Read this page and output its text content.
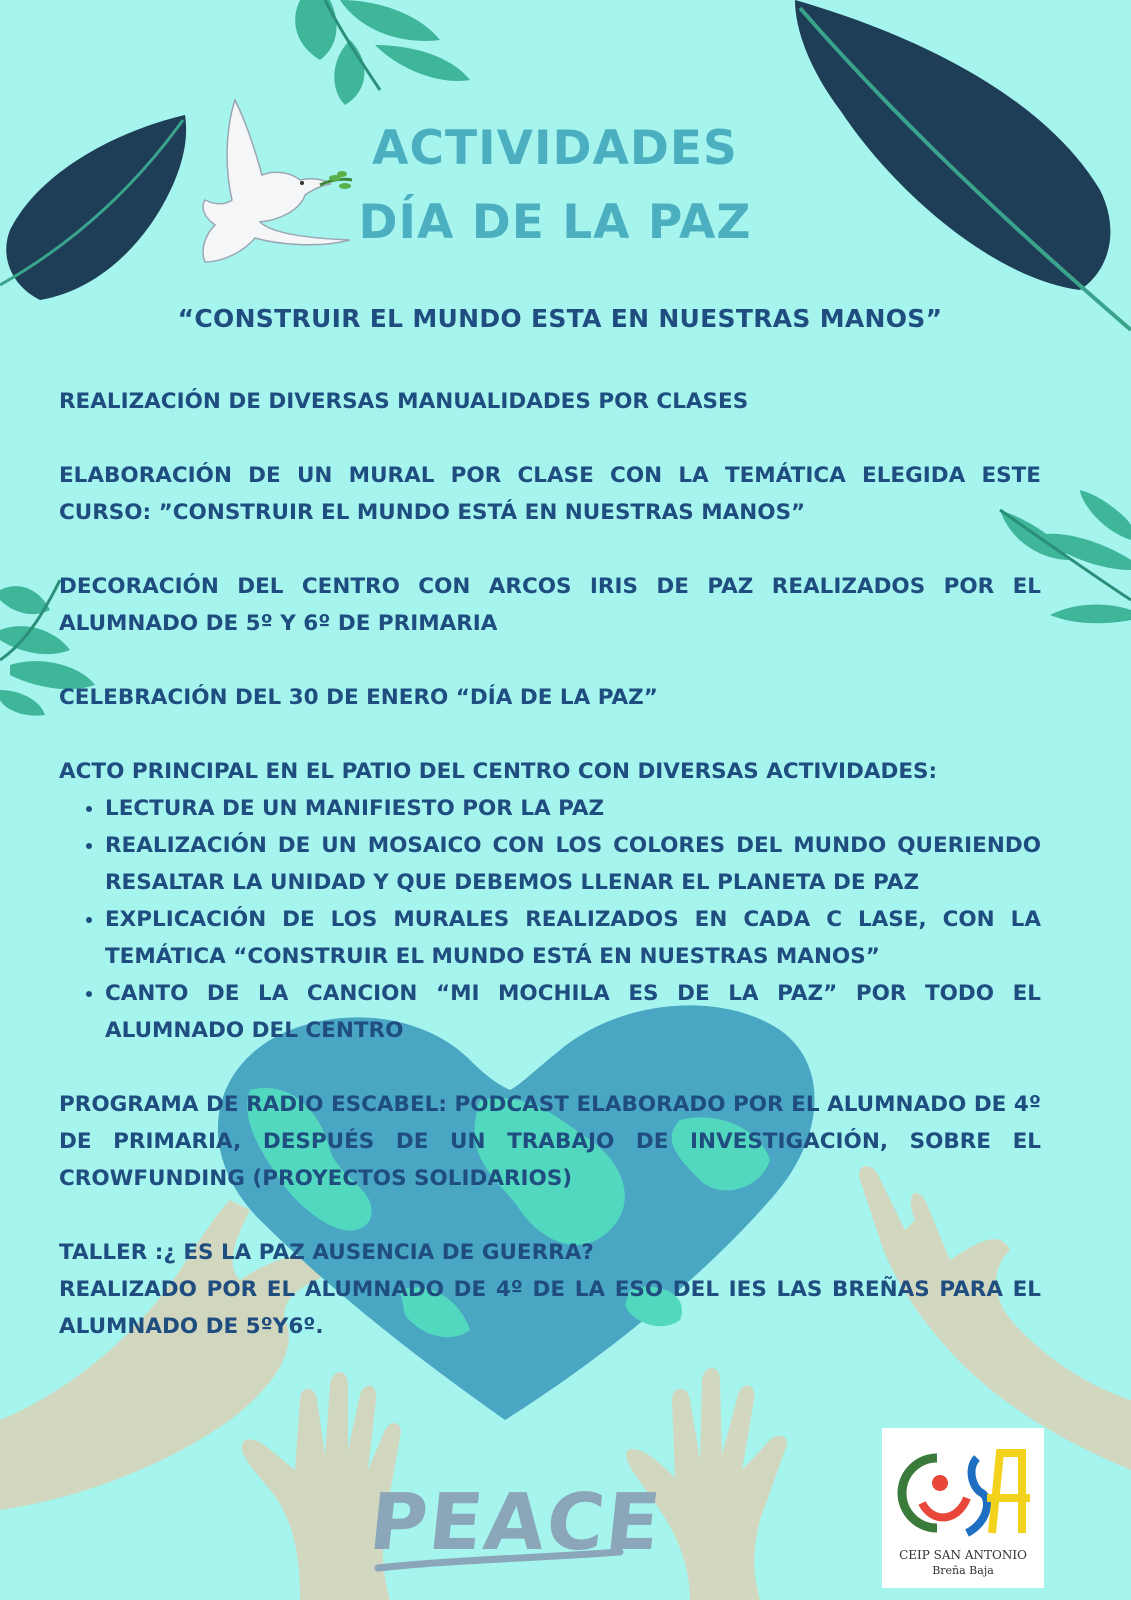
ACTIVIDADES
DÍA DE LA PAZ
“CONSTRUIR EL MUNDO ESTA EN NUESTRAS MANOS”

REALIZACIÓN DE DIVERSAS MANUALIDADES POR CLASES

ELABORACIÓN DE UN MURAL POR CLASE CON LA TEMÁTICA ELEGIDA ESTE CURSO: ”CONSTRUIR EL MUNDO ESTÁ EN NUESTRAS MANOS”

DECORACIÓN DEL CENTRO CON ARCOS IRIS DE PAZ REALIZADOS POR EL ALUMNADO DE 5º Y 6º DE PRIMARIA

CELEBRACIÓN DEL 30 DE ENERO “DÍA DE LA PAZ”

ACTO PRINCIPAL EN EL PATIO DEL CENTRO CON DIVERSAS ACTIVIDADES:

• LECTURA DE UN MANIFIESTO POR LA PAZ
• REALIZACIÓN DE UN MOSAICO CON LOS COLORES DEL MUNDO QUERIENDO RESALTAR LA UNIDAD Y QUE DEBEMOS LLENAR EL PLANETA DE PAZ
• EXPLICACIÓN DE LOS MURALES REALIZADOS EN CADA C LASE, CON LA TEMÁTICA “CONSTRUIR EL MUNDO ESTÁ EN NUESTRAS MANOS”
• CANTO DE LA CANCION “MI MOCHILA ES DE LA PAZ” POR TODO EL ALUMNADO DEL CENTRO

PROGRAMA DE RADIO ESCABEL: PODCAST ELABORADO POR EL ALUMNADO DE 4º DE PRIMARIA, DESPUÉS DE UN TRABAJO DE INVESTIGACIÓN, SOBRE EL CROWFUNDING (PROYECTOS SOLIDARIOS)

TALLER :¿ ES LA PAZ AUSENCIA DE GUERRA?

REALIZADO POR EL ALUMNADO DE 4º DE LA ESO DEL IES LAS BREÑAS PARA EL ALUMNADO DE 5ºY6º.

PEACE	CEIP SAN ANTONIO
Breña Baja
